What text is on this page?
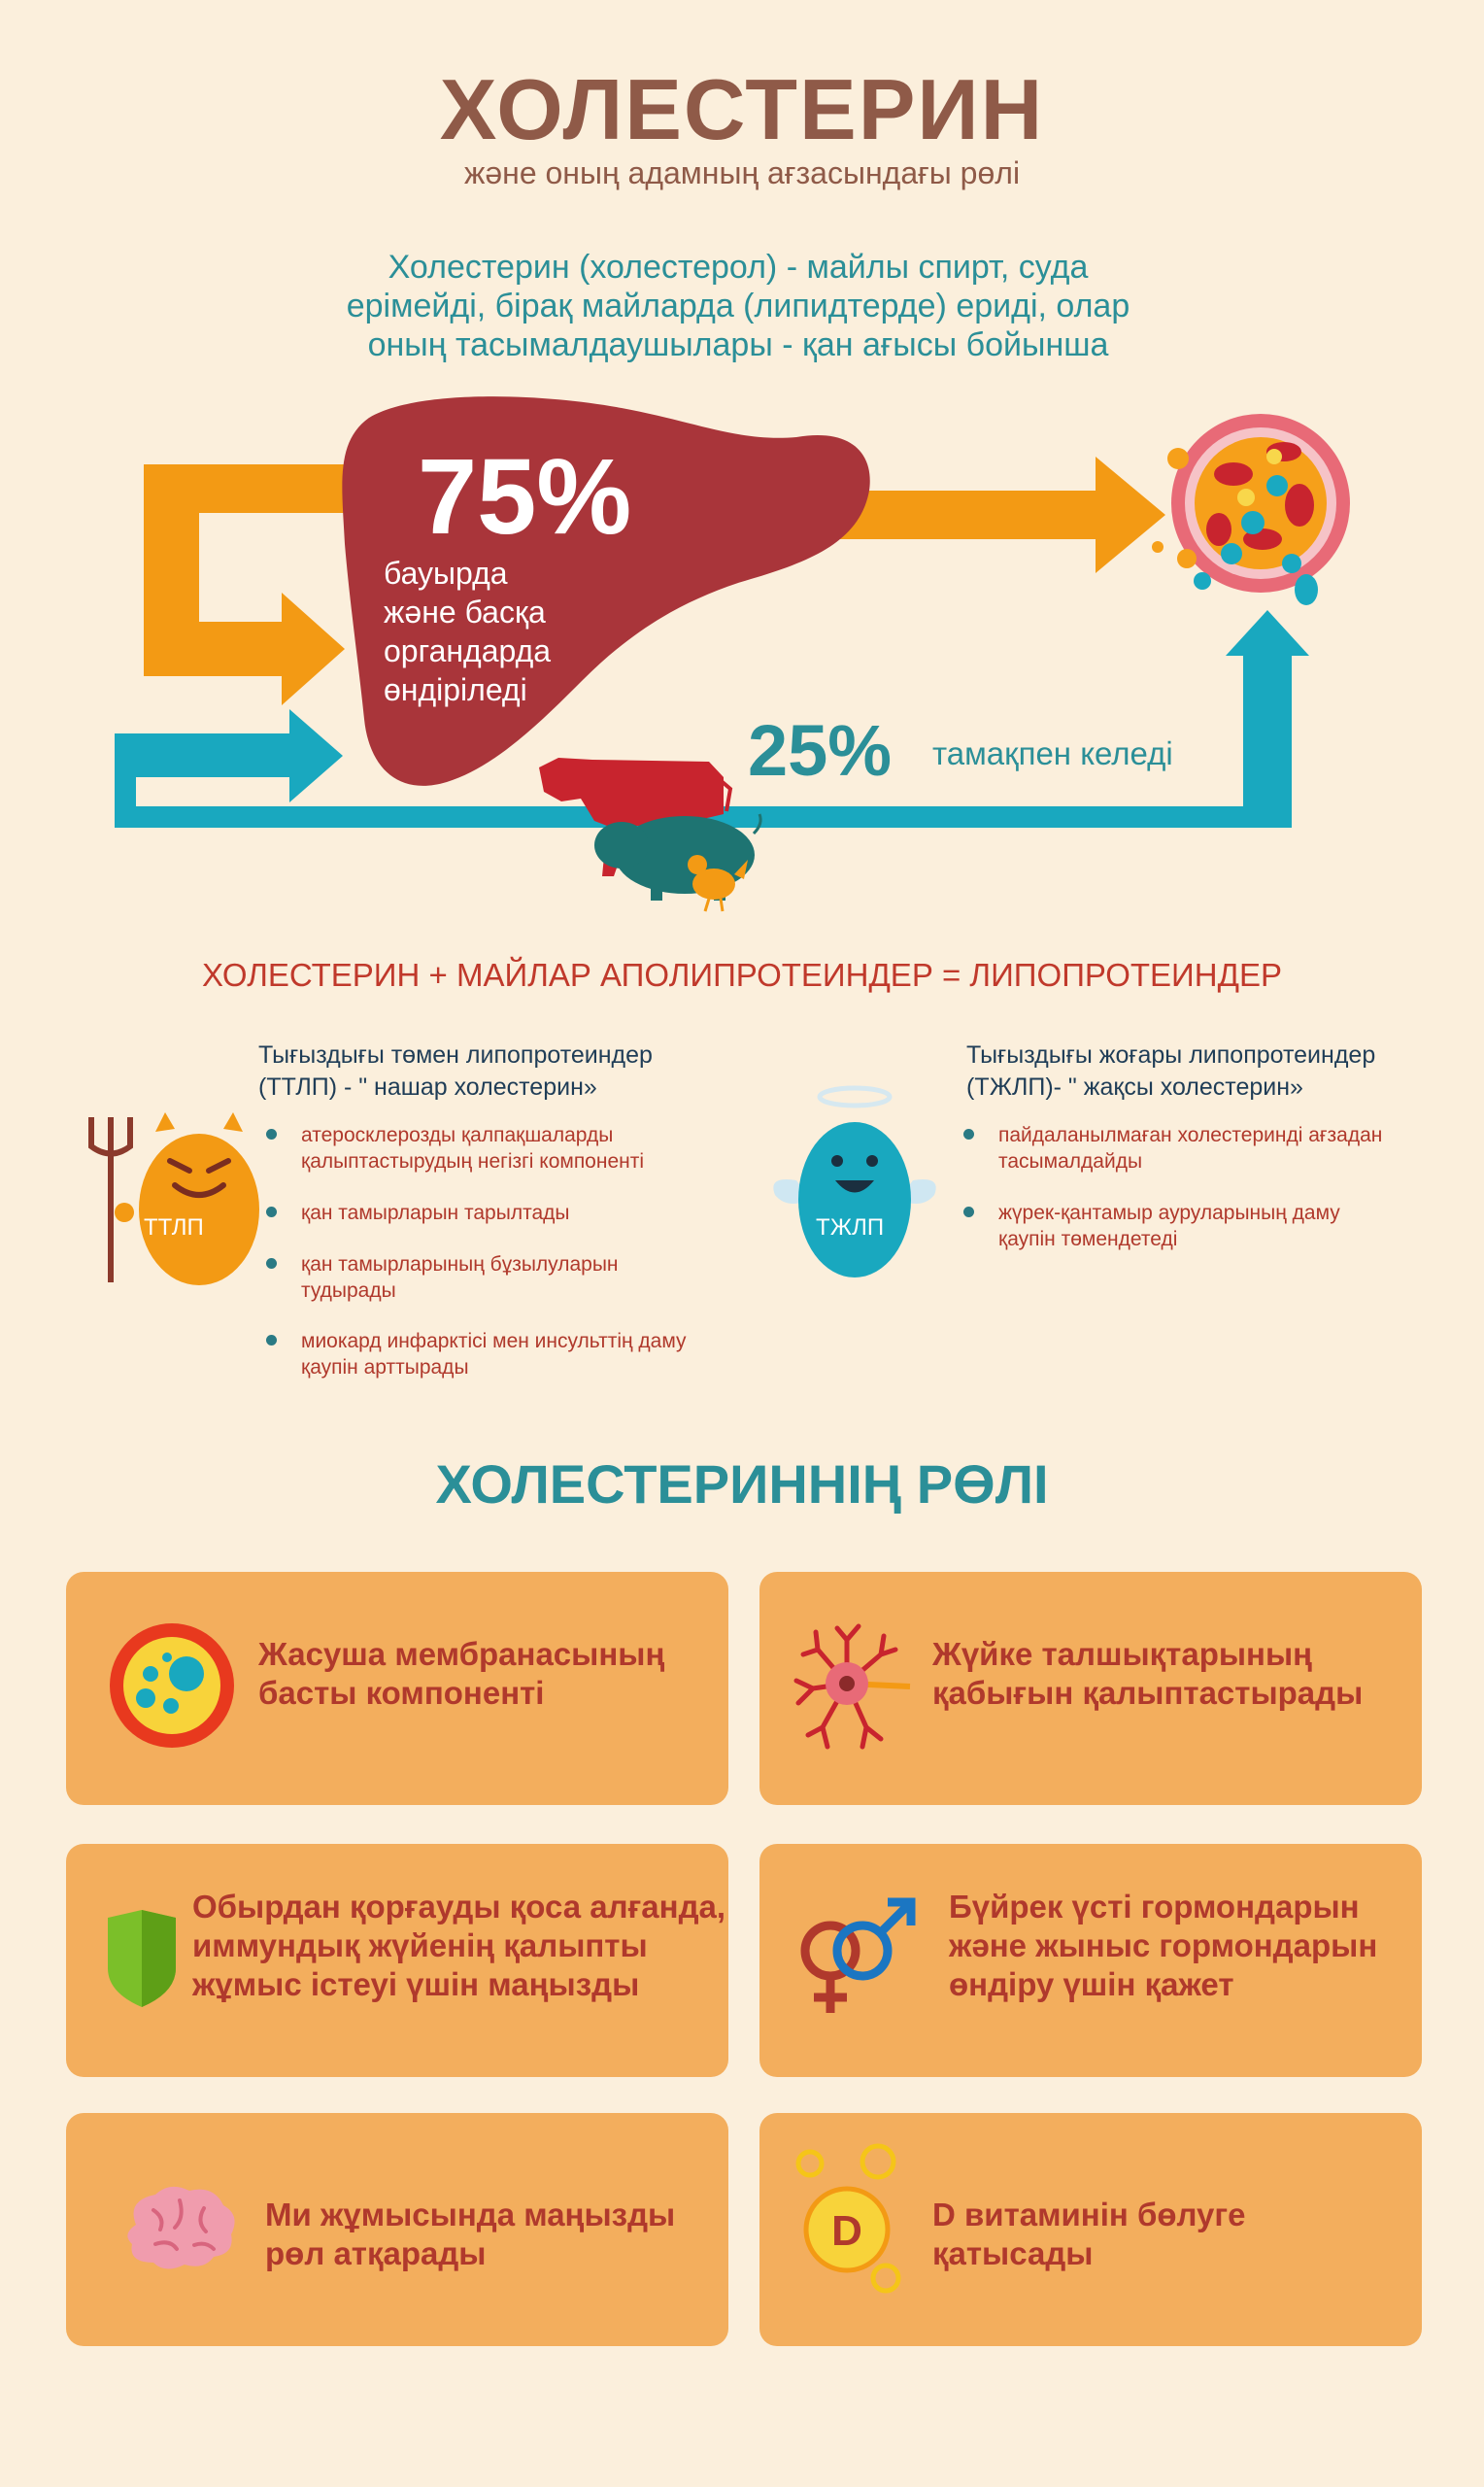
ХОЛЕСТЕРИН
және оның адамның ағзасындағы рөлі
Холестерин (холестерол) - майлы спирт, суда
ерімейді, бірақ майларда (липидтерде) ериді, олар
оның тасымалдаушылары - қан ағысы бойынша
75%
бауырда
және басқа
органдарда
өндіріледі
25% тамақпен келеді
ХОЛЕСТЕРИН + МАЙЛАР АПОЛИПРОТЕИНДЕР = ЛИПОПРОТЕИНДЕР
Тығыздығы төмен липопротеиндер
(ТТЛП) - " нашар холестерин»
ТТЛП
атеросклерозды қалпақшаларды
қалыптастырудың негізгі компоненті
қан тамырларын тарылтады
қан тамырларының бұзылуларын
тудырады
миокард инфарктісі мен инсульттің даму
қаупін арттырады
Тығыздығы жоғары липопротеиндер
(ТЖЛП)- " жақсы холестерин»
ТЖЛП
пайдаланылмаған холестеринді ағзадан
тасымалдайды
жүрек-қантамыр ауруларының даму
қаупін төмендетеді
ХОЛЕСТЕРИННІҢ РӨЛІ
Жасуша мембранасының
басты компоненті
Жүйке талшықтарының
қабығын қалыптастырады
Обырдан қорғауды қоса алғанда,
иммундық жүйенің қалыпты
жұмыс істеуі үшін маңызды
Бүйрек үсті гормондарын
және жыныс гормондарын
өндіру үшін қажет
Ми жұмысында маңызды
рөл атқарады	D D витаминін бөлуге
қатысады
